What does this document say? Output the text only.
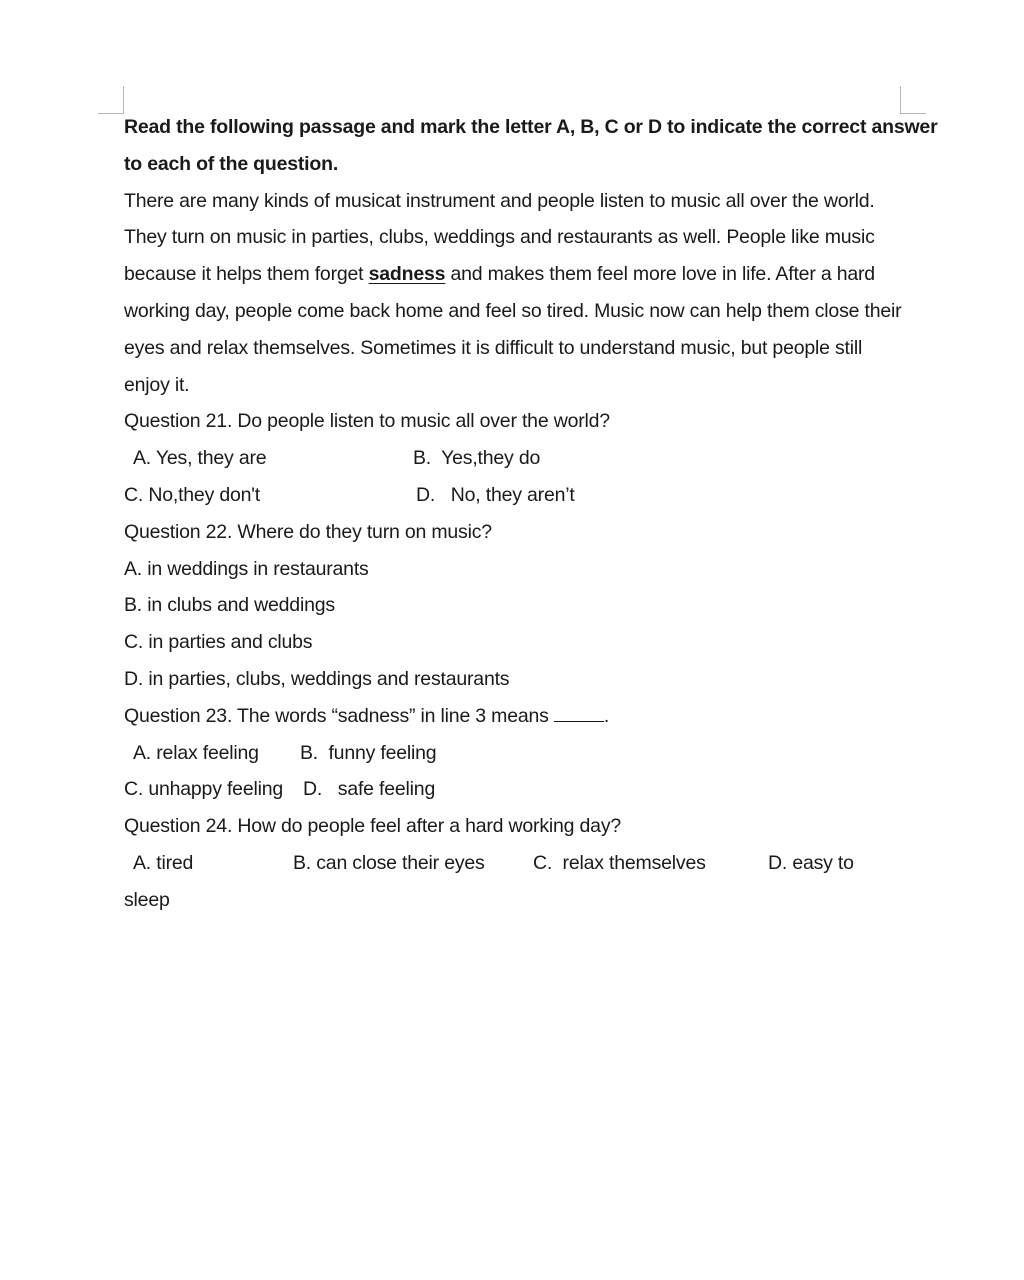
Read the following passage and mark the letter A, B, C or D to indicate the correct answer
to each of the question.
There are many kinds of musicat instrument and people listen to music all over the world.
They turn on music in parties, clubs, weddings and restaurants as well. People like music
because it helps them forget sadness and makes them feel more love in life. After a hard
working day, people come back home and feel so tired. Music now can help them close their
eyes and relax themselves. Sometimes it is difficult to understand music, but people still
enjoy it.
Question 21. Do people listen to music all over the world?
A. Yes, they are	B.  Yes,they do
C. No,they don't	D.   No, they aren’t
Question 22. Where do they turn on music?
A. in weddings in restaurants
B. in clubs and weddings
C. in parties and clubs
D. in parties, clubs, weddings and restaurants
Question 23. The words “sadness” in line 3 means	.
A. relax feeling B.  funny feeling
C. unhappy feeling D.   safe feeling
Question 24. How do people feel after a hard working day?
A. tired	B. can close their eyes C.  relax themselves	D. easy to
sleep
